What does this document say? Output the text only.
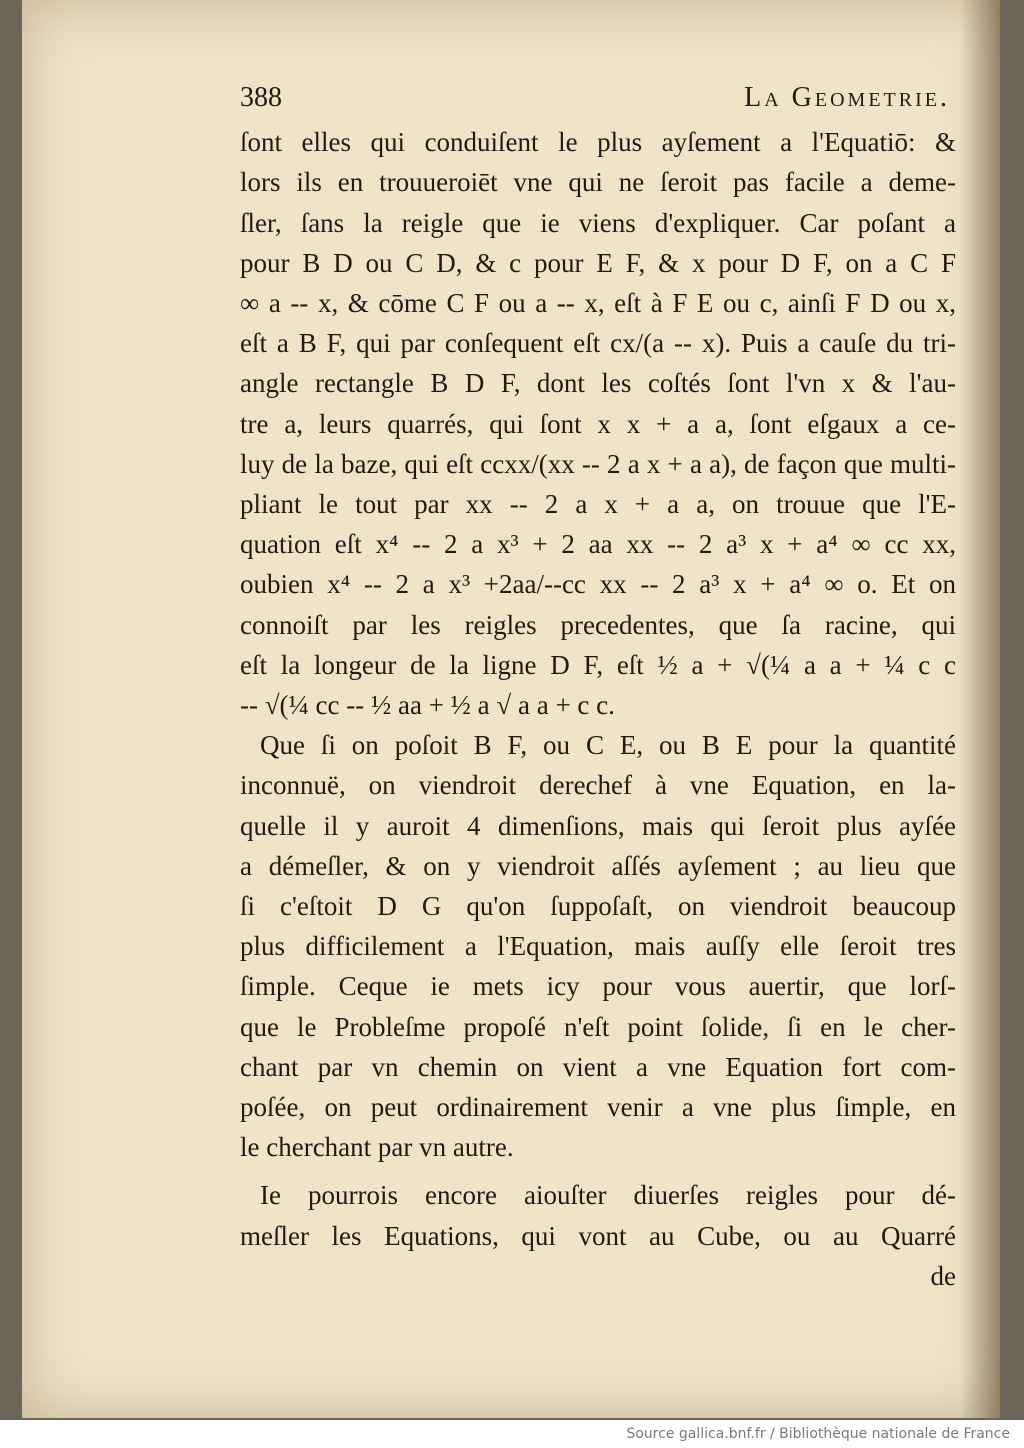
388	La Geometrie.
ſont elles qui conduiſent le plus ayſement a l'Equatiō: &
lors ils en trouueroiēt vne qui ne ſeroit pas facile a deme-
ſler, ſans la reigle que ie viens d'expliquer. Car poſant a
pour B D ou C D, & c pour E F, & x pour D F, on a C F
∞ a -- x, & cōme C F ou a -- x, eſt à F E ou c, ainſi F D ou x,
eſt a B F, qui par conſequent eſt cx/(a -- x). Puis a cauſe du tri-
angle rectangle B D F, dont les coſtés ſont l'vn x & l'au-
tre a, leurs quarrés, qui ſont x x + a a, ſont eſgaux a ce-
luy de la baze, qui eſt ccxx/(xx -- 2 a x + a a), de façon que multi-
pliant le tout par xx -- 2 a x + a a, on trouue que l'E-
quation eſt x⁴ -- 2 a x³ + 2 aa xx -- 2 a³ x + a⁴ ∞ cc xx,
oubien x⁴ -- 2 a x³ +2aa/--cc xx -- 2 a³ x + a⁴ ∞ o. Et on
connoiſt par les reigles precedentes, que ſa racine, qui
eſt la longeur de la ligne D F, eſt ½ a + √(¼ a a + ¼ c c
-- √(¼ cc -- ½ aa + ½ a √ a a + c c.
Que ſi on poſoit B F, ou C E, ou B E pour la quantité
inconnuë, on viendroit derechef à vne Equation, en la-
quelle il y auroit 4 dimenſions, mais qui ſeroit plus ayſée
a démeſler, & on y viendroit aſſés ayſement ; au lieu que
ſi c'eſtoit D G qu'on ſuppoſaſt, on viendroit beaucoup
plus difficilement a l'Equation, mais auſſy elle ſeroit tres
ſimple. Ceque ie mets icy pour vous auertir, que lorſ-
que le Probleſme propoſé n'eſt point ſolide, ſi en le cher-
chant par vn chemin on vient a vne Equation fort com-
poſée, on peut ordinairement venir a vne plus ſimple, en
le cherchant par vn autre.
Ie pourrois encore aiouſter diuerſes reigles pour dé-
meſler les Equations, qui vont au Cube, ou au Quarré
de
Source gallica.bnf.fr / Bibliothèque nationale de France
